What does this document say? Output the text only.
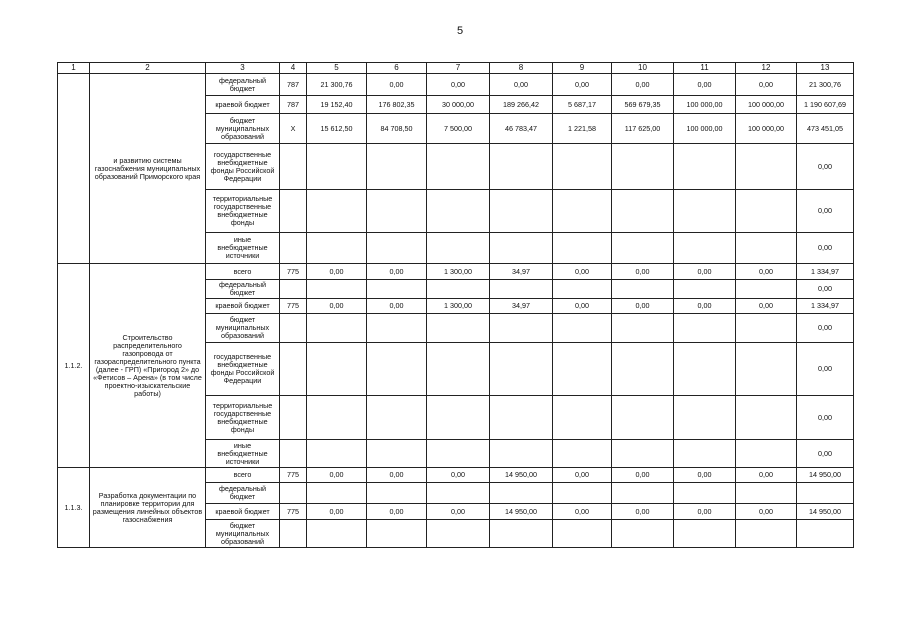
5
1	2	3	4	5	6	7	8	9	10	11	12	13
	и развитию системы газоснабжения муниципальных образований Приморского края	федеральный бюджет	787	21 300,76	0,00	0,00	0,00	0,00	0,00	0,00	0,00	21 300,76
		краевой бюджет	787	19 152,40	176 802,35	30 000,00	189 266,42	5 687,17	569 679,35	100 000,00	100 000,00	1 190 607,69
		бюджет муниципальных образований	X	15 612,50	84 708,50	7 500,00	46 783,47	1 221,58	117 625,00	100 000,00	100 000,00	473 451,05
		государственные внебюджетные фонды Российской Федерации										0,00
		территориальные государственные внебюджетные фонды										0,00
		иные внебюджетные источники										0,00
1.1.2.	Строительство распределительного газопровода от газораспределительного пункта (далее - ГРП) «Пригород 2» до «Фетисов – Арена» (в том числе проектно-изыскательские работы)	всего	775	0,00	0,00	1 300,00	34,97	0,00	0,00	0,00	0,00	1 334,97
		федеральный бюджет										0,00
		краевой бюджет	775	0,00	0,00	1 300,00	34,97	0,00	0,00	0,00	0,00	1 334,97
		бюджет муниципальных образований										0,00
		государственные внебюджетные фонды Российской Федерации										0,00
		территориальные государственные внебюджетные фонды										0,00
		иные внебюджетные источники										0,00
1.1.3.	Разработка документации по планировке территории для размещения линейных объектов газоснабжения	всего	775	0,00	0,00	0,00	14 950,00	0,00	0,00	0,00	0,00	14 950,00
		федеральный бюджет										
		краевой бюджет	775	0,00	0,00	0,00	14 950,00	0,00	0,00	0,00	0,00	14 950,00
		бюджет муниципальных образований										
